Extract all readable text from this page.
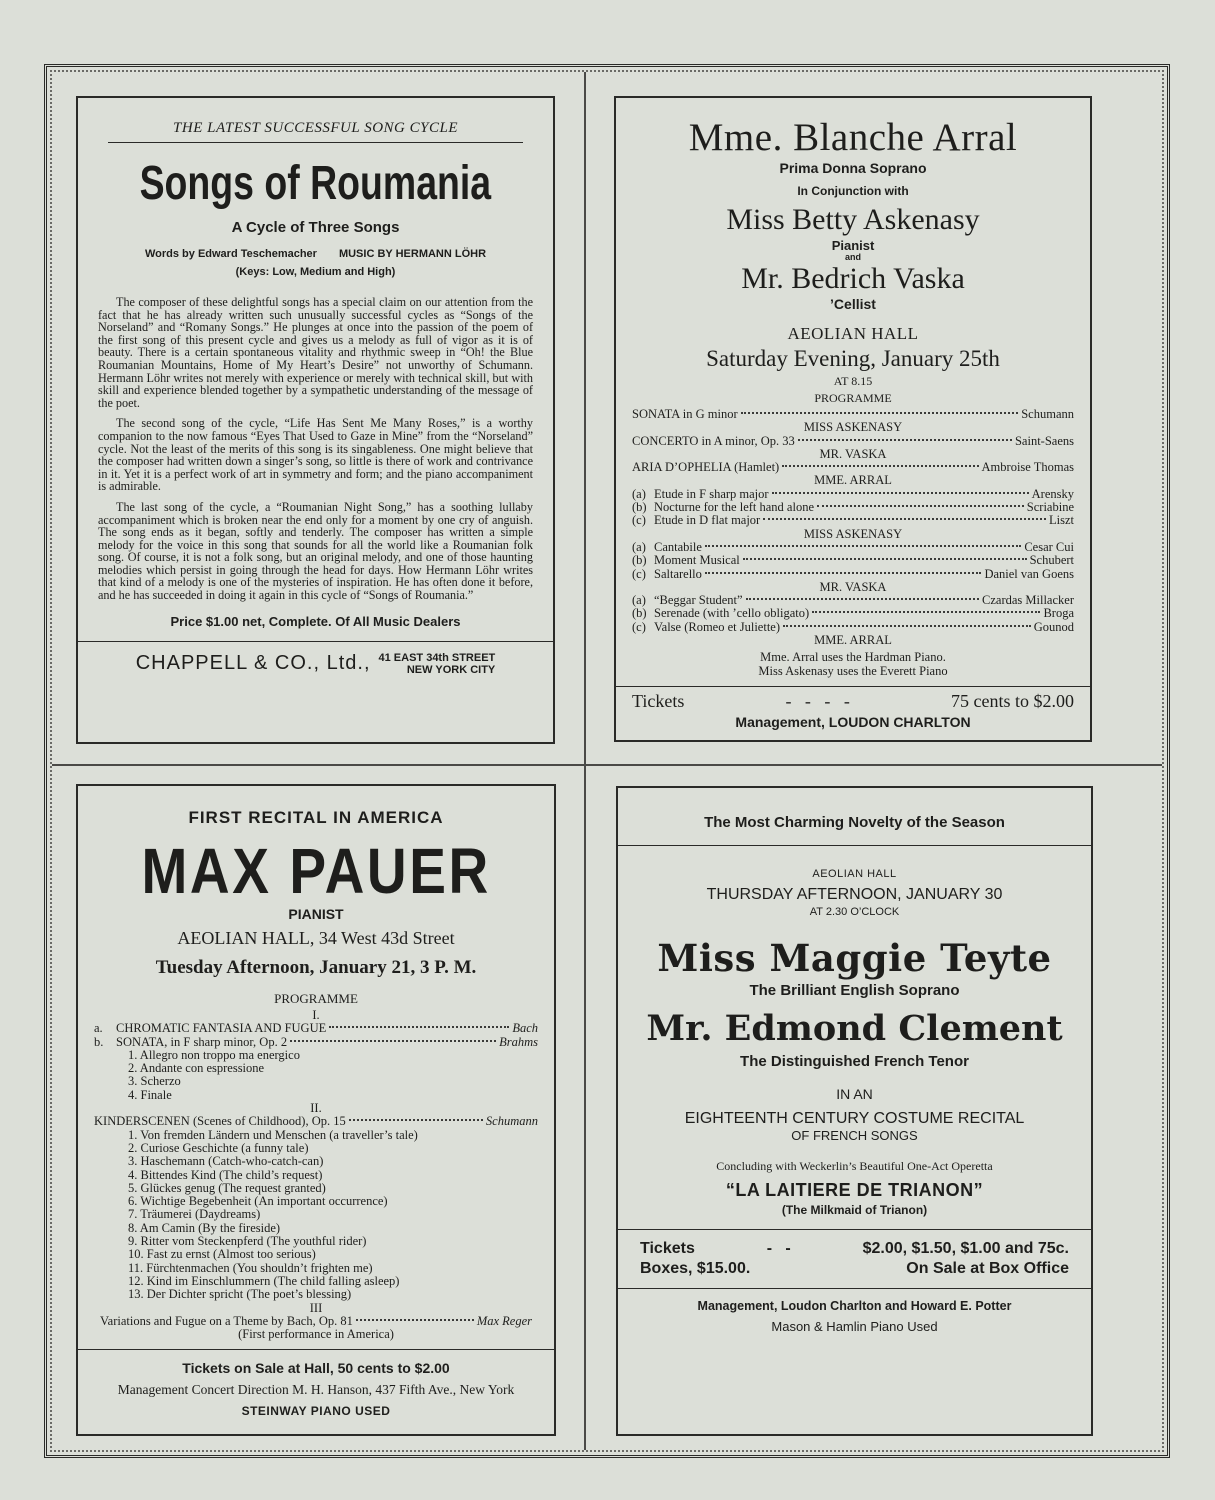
THE LATEST SUCCESSFUL SONG CYCLE
Songs of Roumania
A Cycle of Three Songs
Words by Edward Teschemacher MUSIC BY HERMANN LÖHR
(Keys: Low, Medium and High)

The composer of these delightful songs has a special claim on our attention from the fact that he has already written such unusually successful cycles as “Songs of the Norseland” and “Romany Songs.” He plunges at once into the passion of the poem of the first song of this present cycle and gives us a melody as full of vigor as it is of beauty. There is a certain spontaneous vitality and rhythmic sweep in “Oh! the Blue Roumanian Mountains, Home of My Heart’s Desire” not unworthy of Schumann. Hermann Löhr writes not merely with experience or merely with technical skill, but with skill and experience blended together by a sympathetic understanding of the message of the poet.

The second song of the cycle, “Life Has Sent Me Many Roses,” is a worthy companion to the now famous “Eyes That Used to Gaze in Mine” from the “Norseland” cycle. Not the least of the merits of this song is its singableness. One might believe that the composer had written down a singer’s song, so little is there of work and contrivance in it. Yet it is a perfect work of art in symmetry and form; and the piano accompaniment is admirable.

The last song of the cycle, a “Roumanian Night Song,” has a soothing lullaby accompaniment which is broken near the end only for a moment by one cry of anguish. The song ends as it began, softly and tenderly. The composer has written a simple melody for the voice in this song that sounds for all the world like a Roumanian folk song. Of course, it is not a folk song, but an original melody, and one of those haunting melodies which persist in going through the head for days. How Hermann Löhr writes that kind of a melody is one of the mysteries of inspiration. He has often done it before, and he has succeeded in doing it again in this cycle of “Songs of Roumania.”

Price $1.00 net, Complete. Of All Music Dealers
CHAPPELL & CO., Ltd., 41 EAST 34th STREET
NEW YORK CITY
Mme. Blanche Arral
Prima Donna Soprano
In Conjunction with
Miss Betty Askenasy
Pianist
and
Mr. Bedrich Vaska
’Cellist
AEOLIAN HALL
Saturday Evening, January 25th
AT 8.15
PROGRAMME
SONATA in G minor	Schumann
MISS ASKENASY
CONCERTO in A minor, Op. 33	Saint-Saens
MR. VASKA
ARIA D’OPHELIA (Hamlet)	Ambroise Thomas
MME. ARRAL
(a) Etude in F sharp major	Arensky
(b) Nocturne for the left hand alone	Scriabine
(c) Etude in D flat major	Liszt
MISS ASKENASY
(a) Cantabile	Cesar Cui
(b) Moment Musical	Schubert
(c) Saltarello	Daniel van Goens
MR. VASKA
(a) “Beggar Student”	Czardas Millacker
(b) Serenade (with ’cello obligato)	Broga
(c) Valse (Romeo et Juliette)	Gounod
MME. ARRAL
Mme. Arral uses the Hardman Piano.
Miss Askenasy uses the Everett Piano
Tickets	-   -   -   -	75 cents to $2.00
Management, LOUDON CHARLTON
FIRST RECITAL IN AMERICA
MAX PAUER
PIANIST
AEOLIAN HALL, 34 West 43d Street
Tuesday Afternoon, January 21, 3 P. M.
PROGRAMME
I.
a.	CHROMATIC FANTASIA AND FUGUE	Bach
b.	SONATA, in F sharp minor, Op. 2	Brahms
1. Allegro non troppo ma energico
2. Andante con espressione
3. Scherzo
4. Finale
II.
KINDERSCENEN (Scenes of Childhood), Op. 15	Schumann
1. Von fremden Ländern und Menschen (a traveller’s tale)
2. Curiose Geschichte (a funny tale)
3. Haschemann (Catch-who-catch-can)
4. Bittendes Kind (The child’s request)
5. Glückes genug (The request granted)
6. Wichtige Begebenheit (An important occurrence)
7. Träumerei (Daydreams)
8. Am Camin (By the fireside)
9. Ritter vom Steckenpferd (The youthful rider)
10. Fast zu ernst (Almost too serious)
11. Fürchtenmachen (You shouldn’t frighten me)
12. Kind im Einschlummern (The child falling asleep)
13. Der Dichter spricht (The poet’s blessing)
III
Variations and Fugue on a Theme by Bach, Op. 81	Max Reger
(First performance in America)
Tickets on Sale at Hall, 50 cents to $2.00
Management Concert Direction M. H. Hanson, 437 Fifth Ave., New York
STEINWAY PIANO USED
The Most Charming Novelty of the Season
AEOLIAN HALL
THURSDAY AFTERNOON, JANUARY 30
AT 2.30 O’CLOCK
Miss Maggie Teyte
The Brilliant English Soprano
Mr. Edmond Clement
The Distinguished French Tenor
IN AN
EIGHTEENTH CENTURY COSTUME RECITAL
OF FRENCH SONGS
Concluding with Weckerlin’s Beautiful One-Act Operetta
“LA LAITIERE DE TRIANON”
(The Milkmaid of Trianon)
Tickets	-   -	$2.00, $1.50, $1.00 and 75c.
Boxes, $15.00.	On Sale at Box Office
Management, Loudon Charlton and Howard E. Potter
Mason & Hamlin Piano Used
